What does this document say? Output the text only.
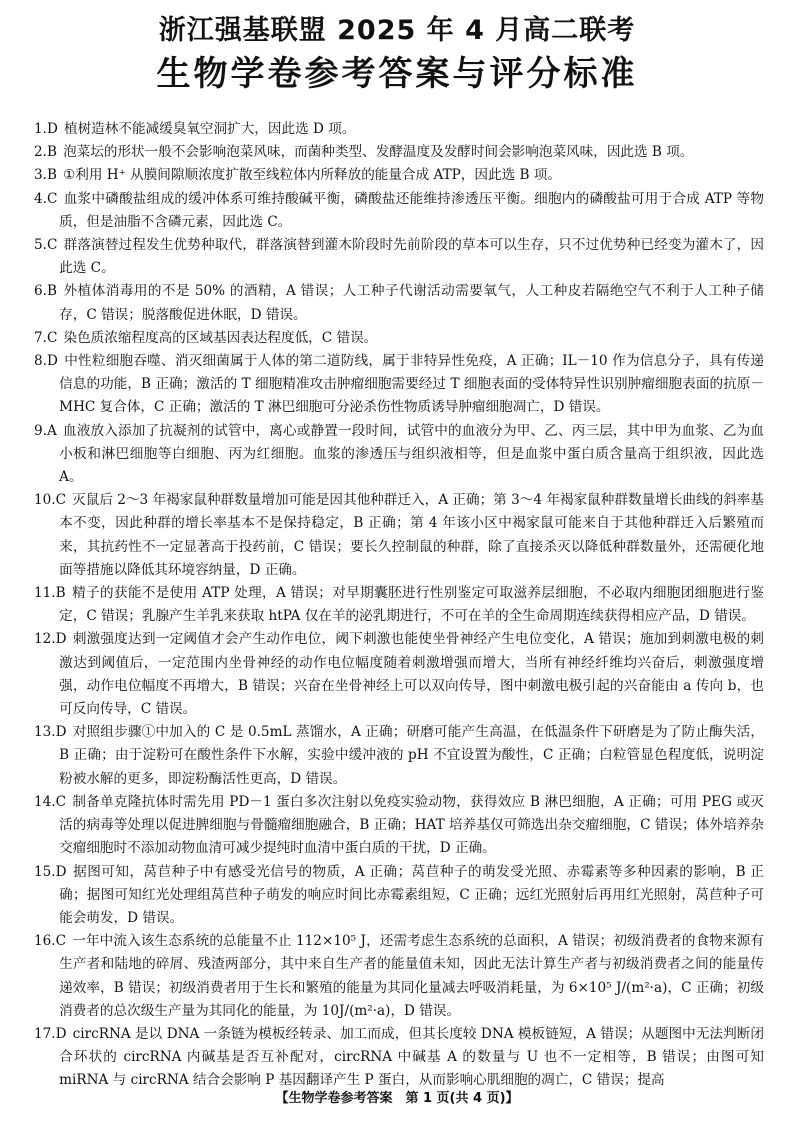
浙江强基联盟 2025 年 4 月高二联考
生物学卷参考答案与评分标准

1.D 植树造林不能减缓臭氧空洞扩大，因此选 D 项。

2.B 泡菜坛的形状一般不会影响泡菜风味，而菌种类型、发酵温度及发酵时间会影响泡菜风味，因此选 B 项。

3.B ①利用 H⁺ 从膜间隙顺浓度扩散至线粒体内所释放的能量合成 ATP，因此选 B 项。

4.C 血浆中磷酸盐组成的缓冲体系可维持酸碱平衡，磷酸盐还能维持渗透压平衡。细胞内的磷酸盐可用于合成 ATP 等物质，但是油脂不含磷元素，因此选 C。

5.C 群落演替过程发生优势种取代，群落演替到灌木阶段时先前阶段的草本可以生存，只不过优势种已经变为灌木了，因此选 C。

6.B 外植体消毒用的不是 50% 的酒精，A 错误；人工种子代谢活动需要氧气，人工种皮若隔绝空气不利于人工种子储存，C 错误；脱落酸促进休眠，D 错误。

7.C 染色质浓缩程度高的区域基因表达程度低，C 错误。

8.D 中性粒细胞吞噬、消灭细菌属于人体的第二道防线，属于非特异性免疫，A 正确；IL－10 作为信息分子，具有传递信息的功能，B 正确；激活的 T 细胞精准攻击肿瘤细胞需要经过 T 细胞表面的受体特异性识别肿瘤细胞表面的抗原－MHC 复合体，C 正确；激活的 T 淋巴细胞可分泌杀伤性物质诱导肿瘤细胞凋亡，D 错误。

9.A 血液放入添加了抗凝剂的试管中，离心或静置一段时间，试管中的血液分为甲、乙、丙三层，其中甲为血浆、乙为血小板和淋巴细胞等白细胞、丙为红细胞。血浆的渗透压与组织液相等，但是血浆中蛋白质含量高于组织液，因此选 A。

10.C 灭鼠后 2～3 年褐家鼠种群数量增加可能是因其他种群迁入，A 正确；第 3～4 年褐家鼠种群数量增长曲线的斜率基本不变，因此种群的增长率基本不是保持稳定，B 正确；第 4 年该小区中褐家鼠可能来自于其他种群迁入后繁殖而来，其抗药性不一定显著高于投药前，C 错误；要长久控制鼠的种群，除了直接杀灭以降低种群数量外，还需硬化地面等措施以降低其环境容纳量，D 正确。

11.B 精子的获能不是使用 ATP 处理，A 错误；对早期囊胚进行性别鉴定可取滋养层细胞，不必取内细胞团细胞进行鉴定，C 错误；乳腺产生羊乳来获取 htPA 仅在羊的泌乳期进行，不可在羊的全生命周期连续获得相应产品，D 错误。

12.D 刺激强度达到一定阈值才会产生动作电位，阈下刺激也能使坐骨神经产生电位变化，A 错误；施加到刺激电极的刺激达到阈值后，一定范围内坐骨神经的动作电位幅度随着刺激增强而增大，当所有神经纤维均兴奋后，刺激强度增强，动作电位幅度不再增大，B 错误；兴奋在坐骨神经上可以双向传导，图中刺激电极引起的兴奋能由 a 传向 b，也可反向传导，C 错误。

13.D 对照组步骤①中加入的 C 是 0.5mL 蒸馏水，A 正确；研磨可能产生高温，在低温条件下研磨是为了防止酶失活，B 正确；由于淀粉可在酸性条件下水解，实验中缓冲液的 pH 不宜设置为酸性，C 正确；白粒管显色程度低，说明淀粉被水解的更多，即淀粉酶活性更高，D 错误。

14.C 制备单克隆抗体时需先用 PD－1 蛋白多次注射以免疫实验动物，获得效应 B 淋巴细胞，A 正确；可用 PEG 或灭活的病毒等处理以促进脾细胞与骨髓瘤细胞融合，B 正确；HAT 培养基仅可筛选出杂交瘤细胞，C 错误；体外培养杂交瘤细胞时不添加动物血清可减少提纯时血清中蛋白质的干扰，D 正确。

15.D 据图可知，莴苣种子中有感受光信号的物质，A 正确；莴苣种子的萌发受光照、赤霉素等多种因素的影响，B 正确；据图可知红光处理组莴苣种子萌发的响应时间比赤霉素组短，C 正确；远红光照射后再用红光照射，莴苣种子可能会萌发，D 错误。

16.C 一年中流入该生态系统的总能量不止 112×10⁵ J，还需考虑生态系统的总面积，A 错误；初级消费者的食物来源有生产者和陆地的碎屑、残渣两部分，其中来自生产者的能量值未知，因此无法计算生产者与初级消费者之间的能量传递效率，B 错误；初级消费者用于生长和繁殖的能量为其同化量减去呼吸消耗量，为 6×10⁵ J/(m²·a)，C 正确；初级消费者的总次级生产量为其同化的能量，为 10J/(m²·a)，D 错误。

17.D circRNA 是以 DNA 一条链为模板经转录、加工而成，但其长度较 DNA 模板链短，A 错误；从题图中无法判断闭合环状的 circRNA 内碱基是否互补配对，circRNA 中碱基 A 的数量与 U 也不一定相等，B 错误；由图可知 miRNA 与 circRNA 结合会影响 P 基因翻译产生 P 蛋白，从而影响心肌细胞的凋亡，C 错误；提高

【生物学卷参考答案　第 1 页(共 4 页)】
